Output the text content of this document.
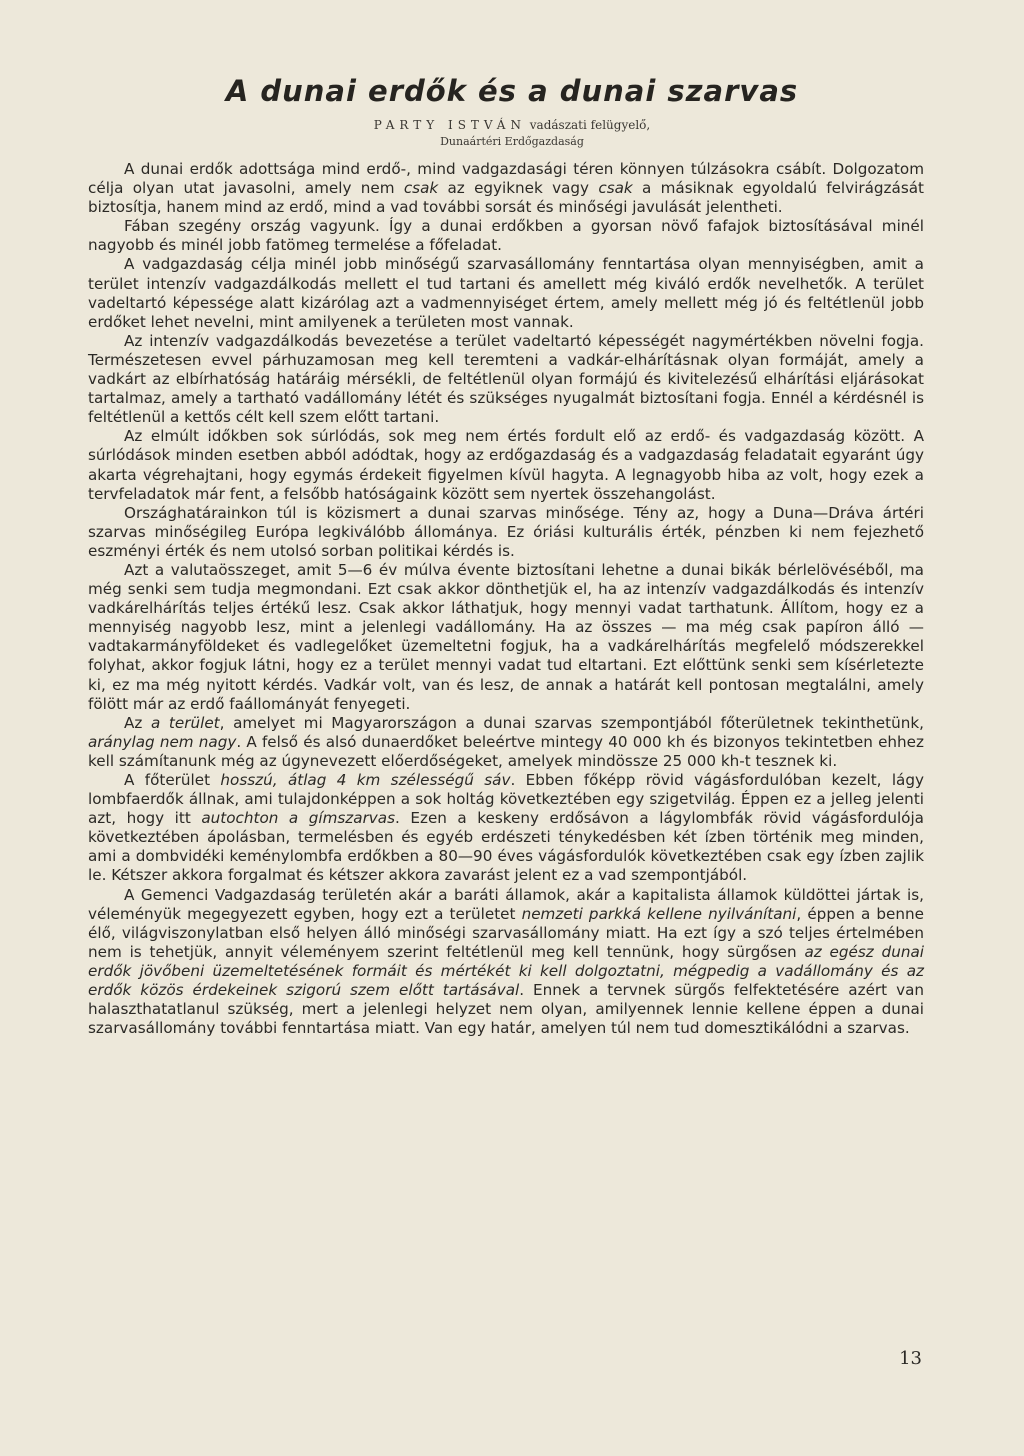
A dunai erdők és a dunai szarvas
PARTY ISTVÁN vadászati felügyelő,
Dunaártéri Erdőgazdaság

A dunai erdők adottsága mind erdő-, mind vadgazdasági téren könnyen túlzásokra csábít. Dolgozatom célja olyan utat javasolni, amely nem csak az egyiknek vagy csak a másiknak egyoldalú felvirágzását biztosítja, hanem mind az erdő, mind a vad további sorsát és minőségi javulását jelentheti.

Fában szegény ország vagyunk. Így a dunai erdőkben a gyorsan növő fafajok biztosításával minél nagyobb és minél jobb fatömeg termelése a főfeladat.

A vadgazdaság célja minél jobb minőségű szarvasállomány fenntartása olyan mennyiségben, amit a terület intenzív vadgazdálkodás mellett el tud tartani és amellett még kiváló erdők nevelhetők. A terület vadeltartó képessége alatt kizárólag azt a vadmennyiséget értem, amely mellett még jó és feltétlenül jobb erdőket lehet nevelni, mint amilyenek a területen most vannak.

Az intenzív vadgazdálkodás bevezetése a terület vadeltartó képességét nagymértékben növelni fogja. Természetesen evvel párhuzamosan meg kell teremteni a vadkár-elhárításnak olyan formáját, amely a vadkárt az elbírhatóság határáig mérsékli, de feltétlenül olyan formájú és kivitelezésű elhárítási eljárásokat tartalmaz, amely a tartható vadállomány létét és szükséges nyugalmát biztosítani fogja. Ennél a kérdésnél is feltétlenül a kettős célt kell szem előtt tartani.

Az elmúlt időkben sok súrlódás, sok meg nem értés fordult elő az erdő- és vadgazdaság között. A súrlódások minden esetben abból adódtak, hogy az erdőgazdaság és a vadgazdaság feladatait egyaránt úgy akarta végrehajtani, hogy egymás érdekeit figyelmen kívül hagyta. A legnagyobb hiba az volt, hogy ezek a tervfeladatok már fent, a felsőbb hatóságaink között sem nyertek összehangolást.

Országhatárainkon túl is közismert a dunai szarvas minősége. Tény az, hogy a Duna—Dráva ártéri szarvas minőségileg Európa legkiválóbb állománya. Ez óriási kulturális érték, pénzben ki nem fejezhető eszményi érték és nem utolsó sorban politikai kérdés is.

Azt a valutaösszeget, amit 5—6 év múlva évente biztosítani lehetne a dunai bikák bérlelövéséből, ma még senki sem tudja megmondani. Ezt csak akkor dönthetjük el, ha az intenzív vadgazdálkodás és intenzív vadkárelhárítás teljes értékű lesz. Csak akkor láthatjuk, hogy mennyi vadat tarthatunk. Állítom, hogy ez a mennyiség nagyobb lesz, mint a jelenlegi vadállomány. Ha az összes — ma még csak papíron álló — vadtakarmányföldeket és vadlegelőket üzemeltetni fogjuk, ha a vadkárelhárítás megfelelő módszerekkel folyhat, akkor fogjuk látni, hogy ez a terület mennyi vadat tud eltartani. Ezt előttünk senki sem kísérletezte ki, ez ma még nyitott kérdés. Vadkár volt, van és lesz, de annak a határát kell pontosan megtalálni, amely fölött már az erdő faállományát fenyegeti.

Az a terület, amelyet mi Magyarországon a dunai szarvas szempontjából főterületnek tekinthetünk, aránylag nem nagy. A felső és alsó dunaerdőket beleértve mintegy 40 000 kh és bizonyos tekintetben ehhez kell számítanunk még az úgynevezett előerdőségeket, amelyek mindössze 25 000 kh-t tesznek ki.

A főterület hosszú, átlag 4 km szélességű sáv. Ebben főképp rövid vágásfordulóban kezelt, lágy lombfaerdők állnak, ami tulajdonképpen a sok holtág következtében egy szigetvilág. Éppen ez a jelleg jelenti azt, hogy itt autochton a gímszarvas. Ezen a keskeny erdősávon a lágylombfák rövid vágásfordulója következtében ápolásban, termelésben és egyéb erdészeti ténykedésben két ízben történik meg minden, ami a dombvidéki keménylombfa erdőkben a 80—90 éves vágásfordulók következtében csak egy ízben zajlik le. Kétszer akkora forgalmat és kétszer akkora zavarást jelent ez a vad szempontjából.

A Gemenci Vadgazdaság területén akár a baráti államok, akár a kapitalista államok küldöttei jártak is, véleményük megegyezett egyben, hogy ezt a területet nemzeti parkká kellene nyilvánítani, éppen a benne élő, világviszonylatban első helyen álló minőségi szarvasállomány miatt. Ha ezt így a szó teljes értelmében nem is tehetjük, annyit véleményem szerint feltétlenül meg kell tennünk, hogy sürgősen az egész dunai erdők jövőbeni üzemeltetésének formáit és mértékét ki kell dolgoztatni, mégpedig a vadállomány és az erdők közös érdekeinek szigorú szem előtt tartásával. Ennek a tervnek sürgős felfektetésére azért van halaszthatatlanul szükség, mert a jelenlegi helyzet nem olyan, amilyennek lennie kellene éppen a dunai szarvasállomány további fenntartása miatt. Van egy határ, amelyen túl nem tud domesztikálódni a szarvas.

13
